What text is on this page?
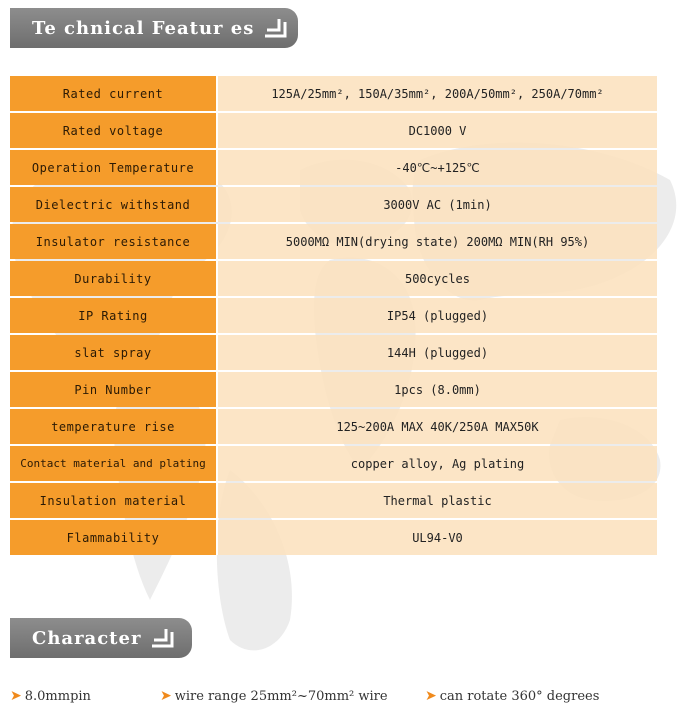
Te chnical Featur es
Rated current	125A/25mm², 150A/35mm², 200A/50mm², 250A/70mm²
Rated voltage	DC1000 V
Operation Temperature	-40℃~+125℃
Dielectric withstand	3000V AC (1min)
Insulator resistance	5000MΩ MIN(drying state) 200MΩ MIN(RH 95%)
Durability	500cycles
IP Rating	IP54 (plugged)
slat spray	144H (plugged)
Pin Number	1pcs (8.0mm)
temperature rise	125~200A MAX 40K/250A MAX50K
Contact material and plating	copper alloy, Ag plating
Insulation material	Thermal plastic
Flammability	UL94-V0
Character
➤ 8.0mmpin	➤ wire range 25mm²~70mm² wire	➤ can rotate 360° degrees
